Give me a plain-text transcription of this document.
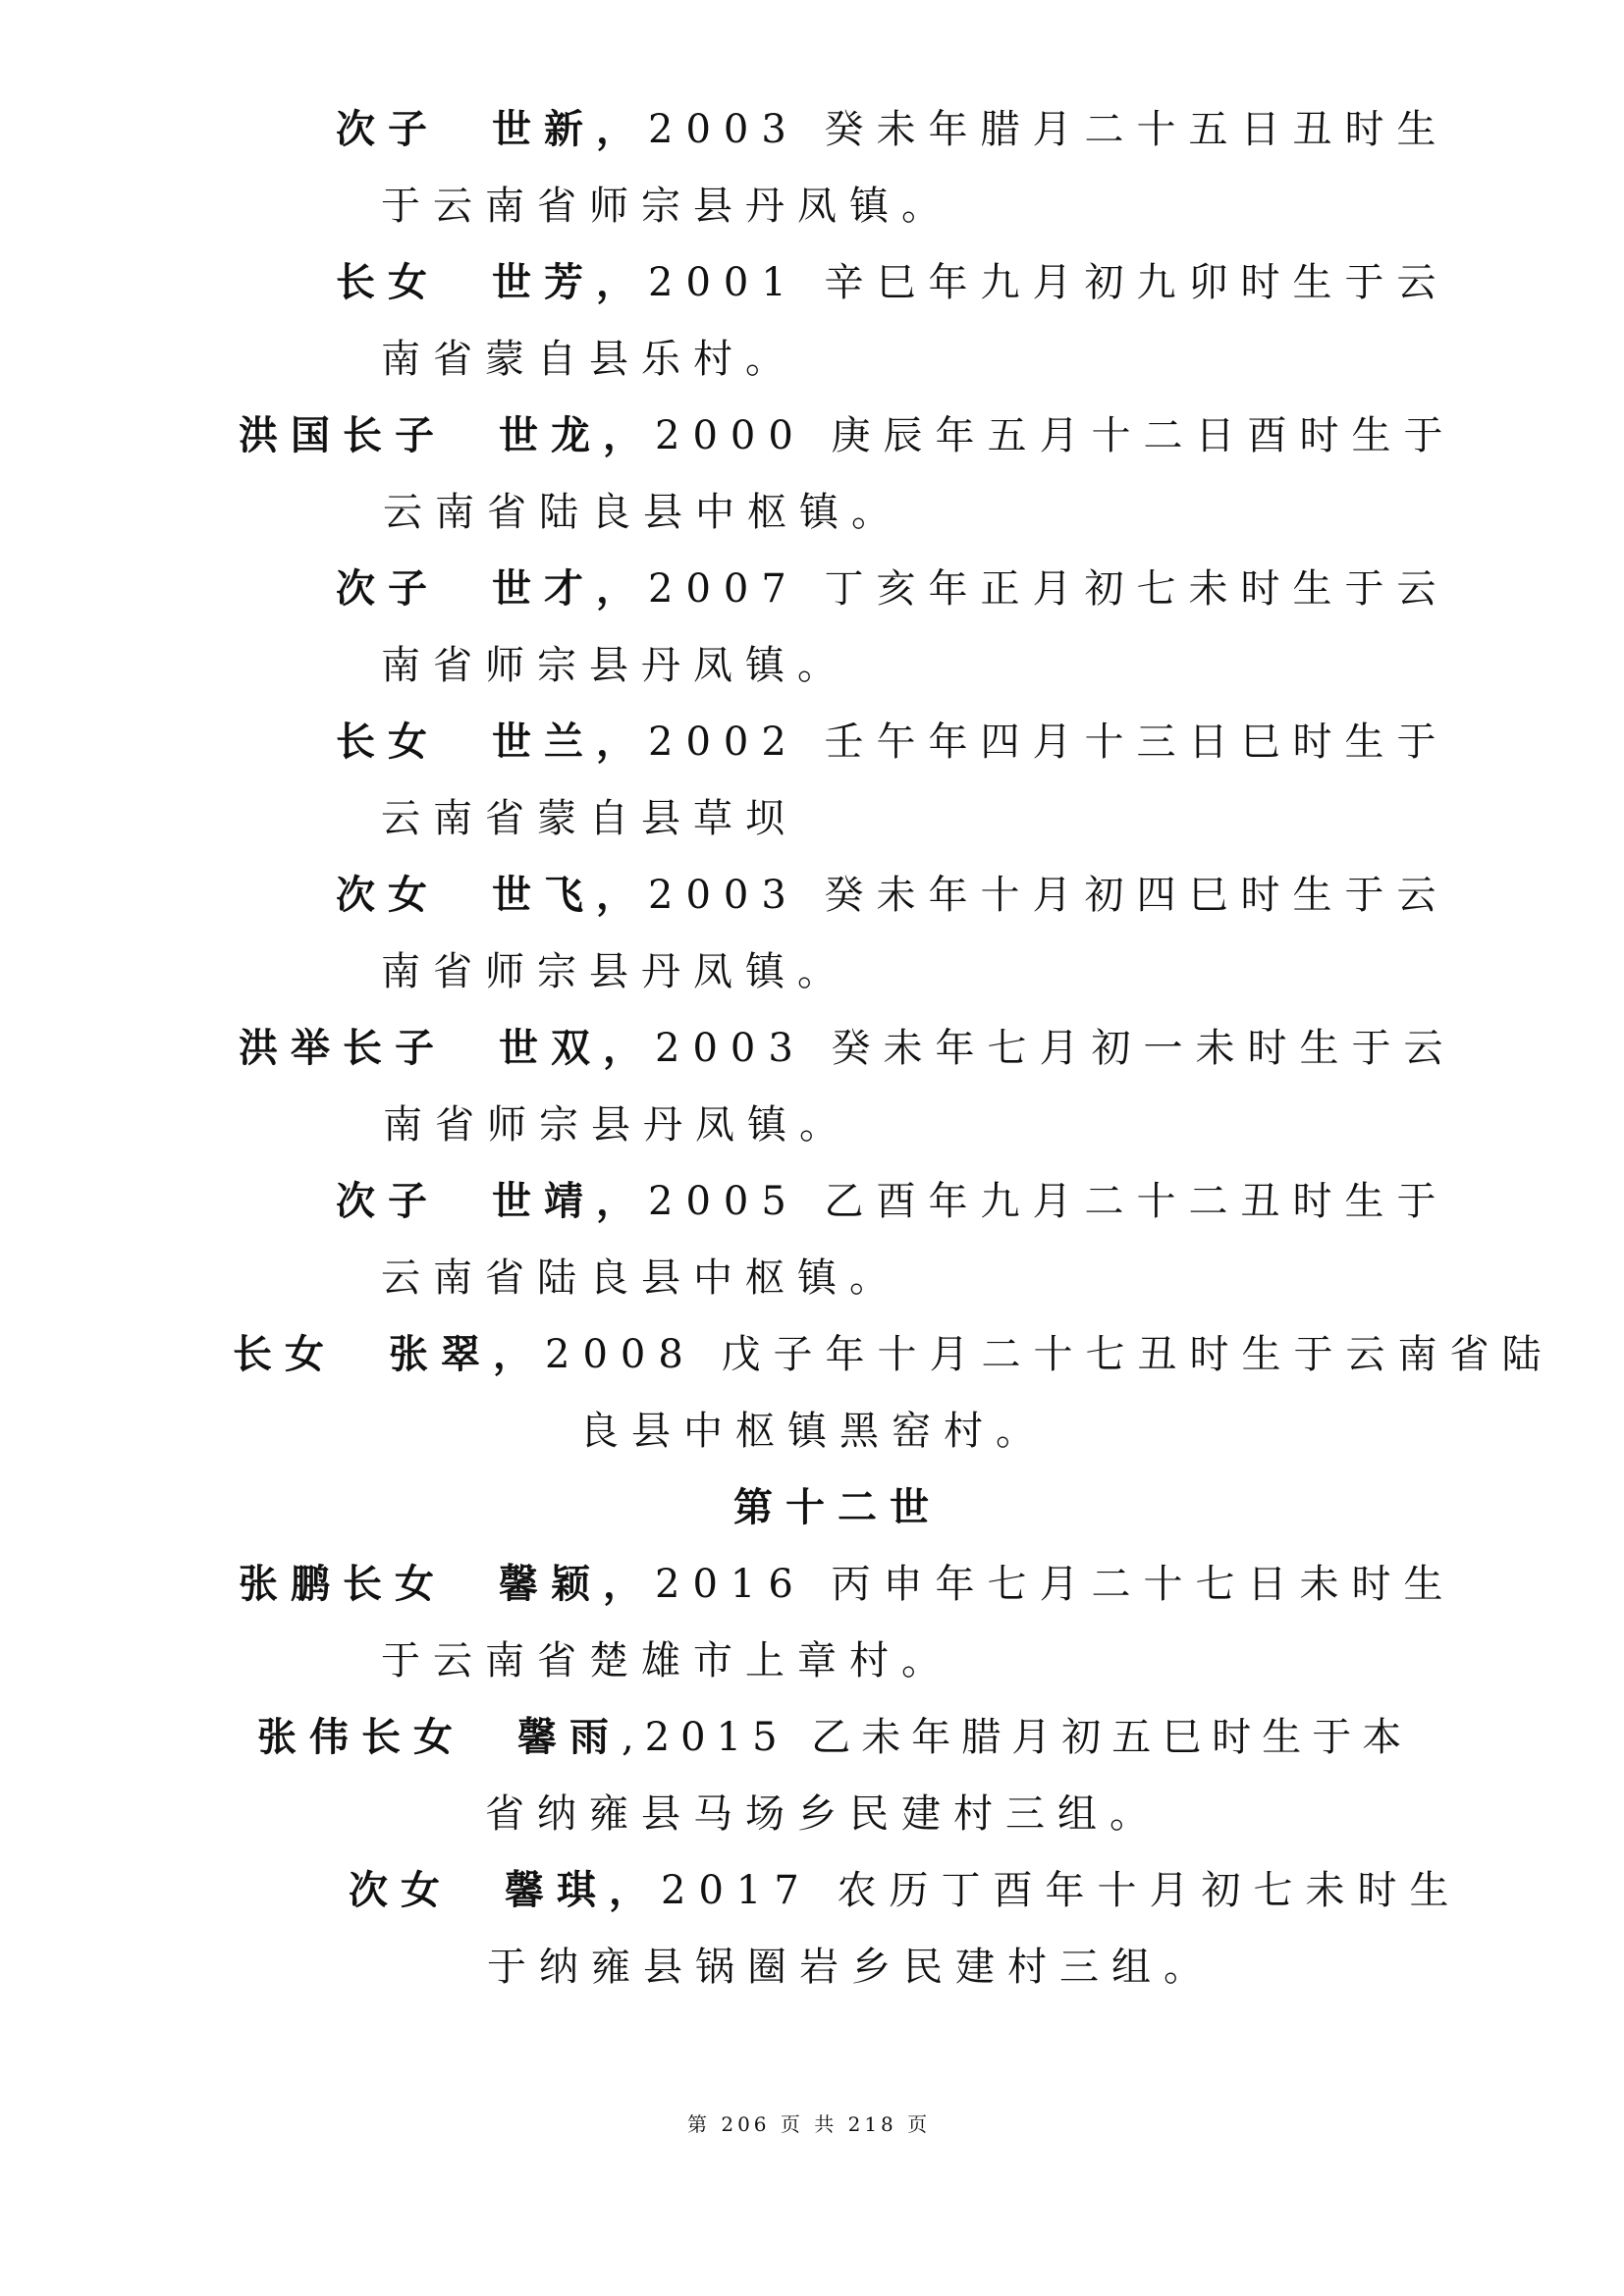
次子　世新，2003 癸未年腊月二十五日丑时生
于云南省师宗县丹凤镇。
长女　世芳，2001 辛巳年九月初九卯时生于云
南省蒙自县乐村。
洪国长子　世龙，2000 庚辰年五月十二日酉时生于
云南省陆良县中枢镇。
次子　世才，2007 丁亥年正月初七未时生于云
南省师宗县丹凤镇。
长女　世兰，2002 壬午年四月十三日巳时生于
云南省蒙自县草坝
次女　世飞，2003 癸未年十月初四巳时生于云
南省师宗县丹凤镇。
洪举长子　世双，2003 癸未年七月初一未时生于云
南省师宗县丹凤镇。
次子　世靖，2005 乙酉年九月二十二丑时生于
云南省陆良县中枢镇。
长女　张翠，2008 戊子年十月二十七丑时生于云南省陆
良县中枢镇黑窑村。
第十二世
张鹏长女　馨颖，2016 丙申年七月二十七日未时生
于云南省楚雄市上章村。
张伟长女　馨雨,2015 乙未年腊月初五巳时生于本
省纳雍县马场乡民建村三组。
次女　馨琪，2017 农历丁酉年十月初七未时生
于纳雍县锅圈岩乡民建村三组。
第 206 页 共 218 页
